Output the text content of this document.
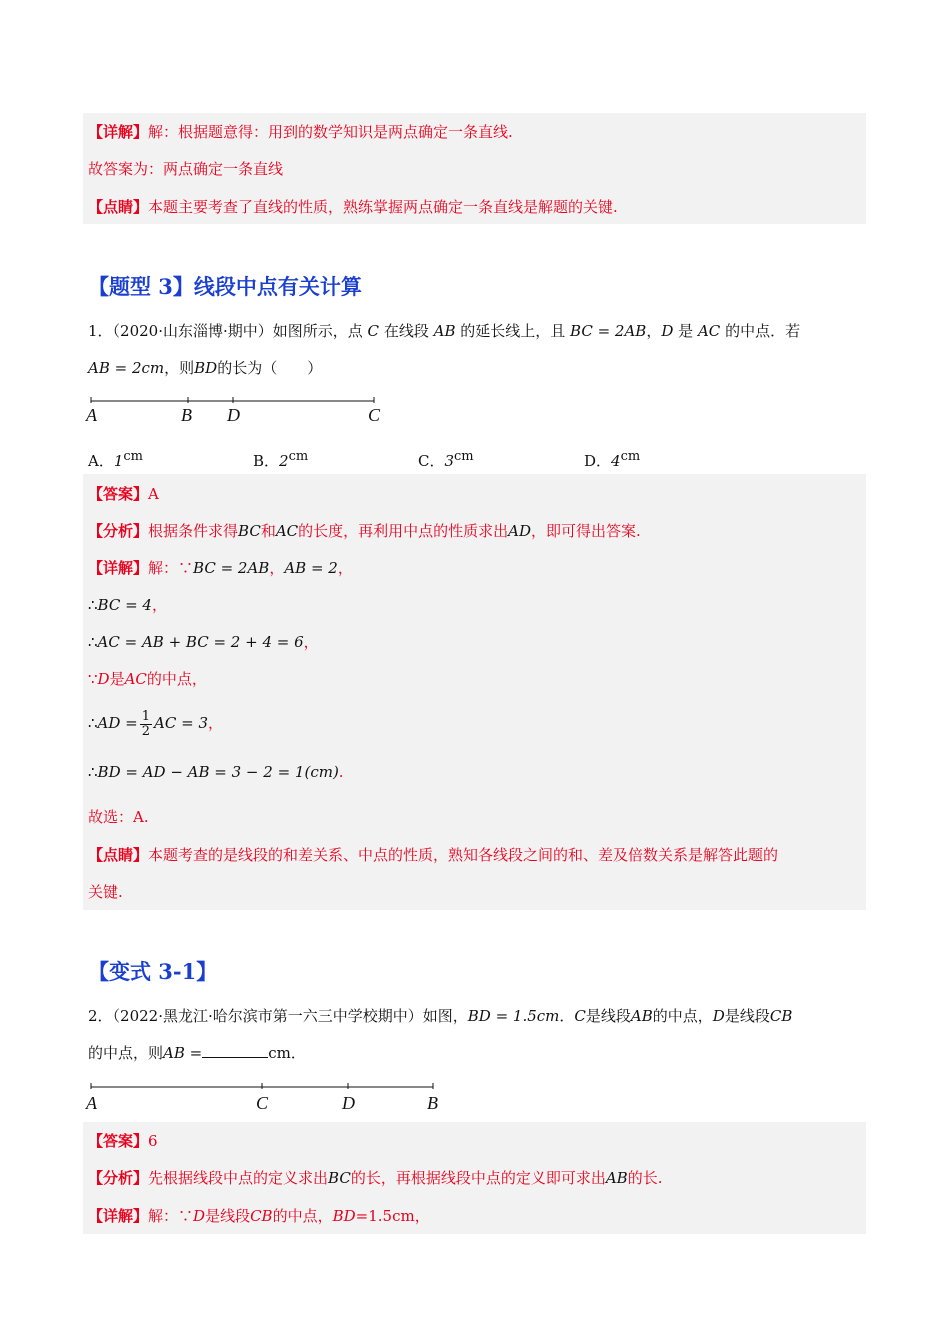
【详解】解：根据题意得：用到的数学知识是两点确定一条直线.
故答案为：两点确定一条直线
【点睛】本题主要考查了直线的性质，熟练掌握两点确定一条直线是解题的关键.
【题型 3】线段中点有关计算
1．（2020·山东淄博·期中）如图所示，点 C 在线段 AB 的延长线上，且 BC = 2AB，D 是 AC 的中点．若
AB = 2cm，则BD的长为（　　）
A	B D	C
A．$1^{cm}$	B．$2^{cm}$	C．$3^{cm}$	D．$4^{cm}$
【答案】A
【分析】根据条件求得BC和AC的长度，再利用中点的性质求出AD，即可得出答案.
【详解】解：∵BC = 2AB，AB = 2，
∴BC = 4，
∴AC = AB + BC = 2 + 4 = 6，
∵D是AC的中点，
∴AD = $\frac{1}{2}$ AC = 3，
∴BD = AD − AB = 3 − 2 = 1(cm).
故选：A.
【点睛】本题考查的是线段的和差关系、中点的性质，熟知各线段之间的和、差及倍数关系是解答此题的
关键.
【变式 3-1】
2．（2022·黑龙江·哈尔滨市第一六三中学校期中）如图，BD = 1.5cm．C是线段AB的中点，D是线段CB
的中点，则AB =	cm．
A	C	D	B
【答案】6
【分析】先根据线段中点的定义求出BC的长，再根据线段中点的定义即可求出AB的长.
【详解】解：∵D是线段CB的中点，BD=1.5cm，
